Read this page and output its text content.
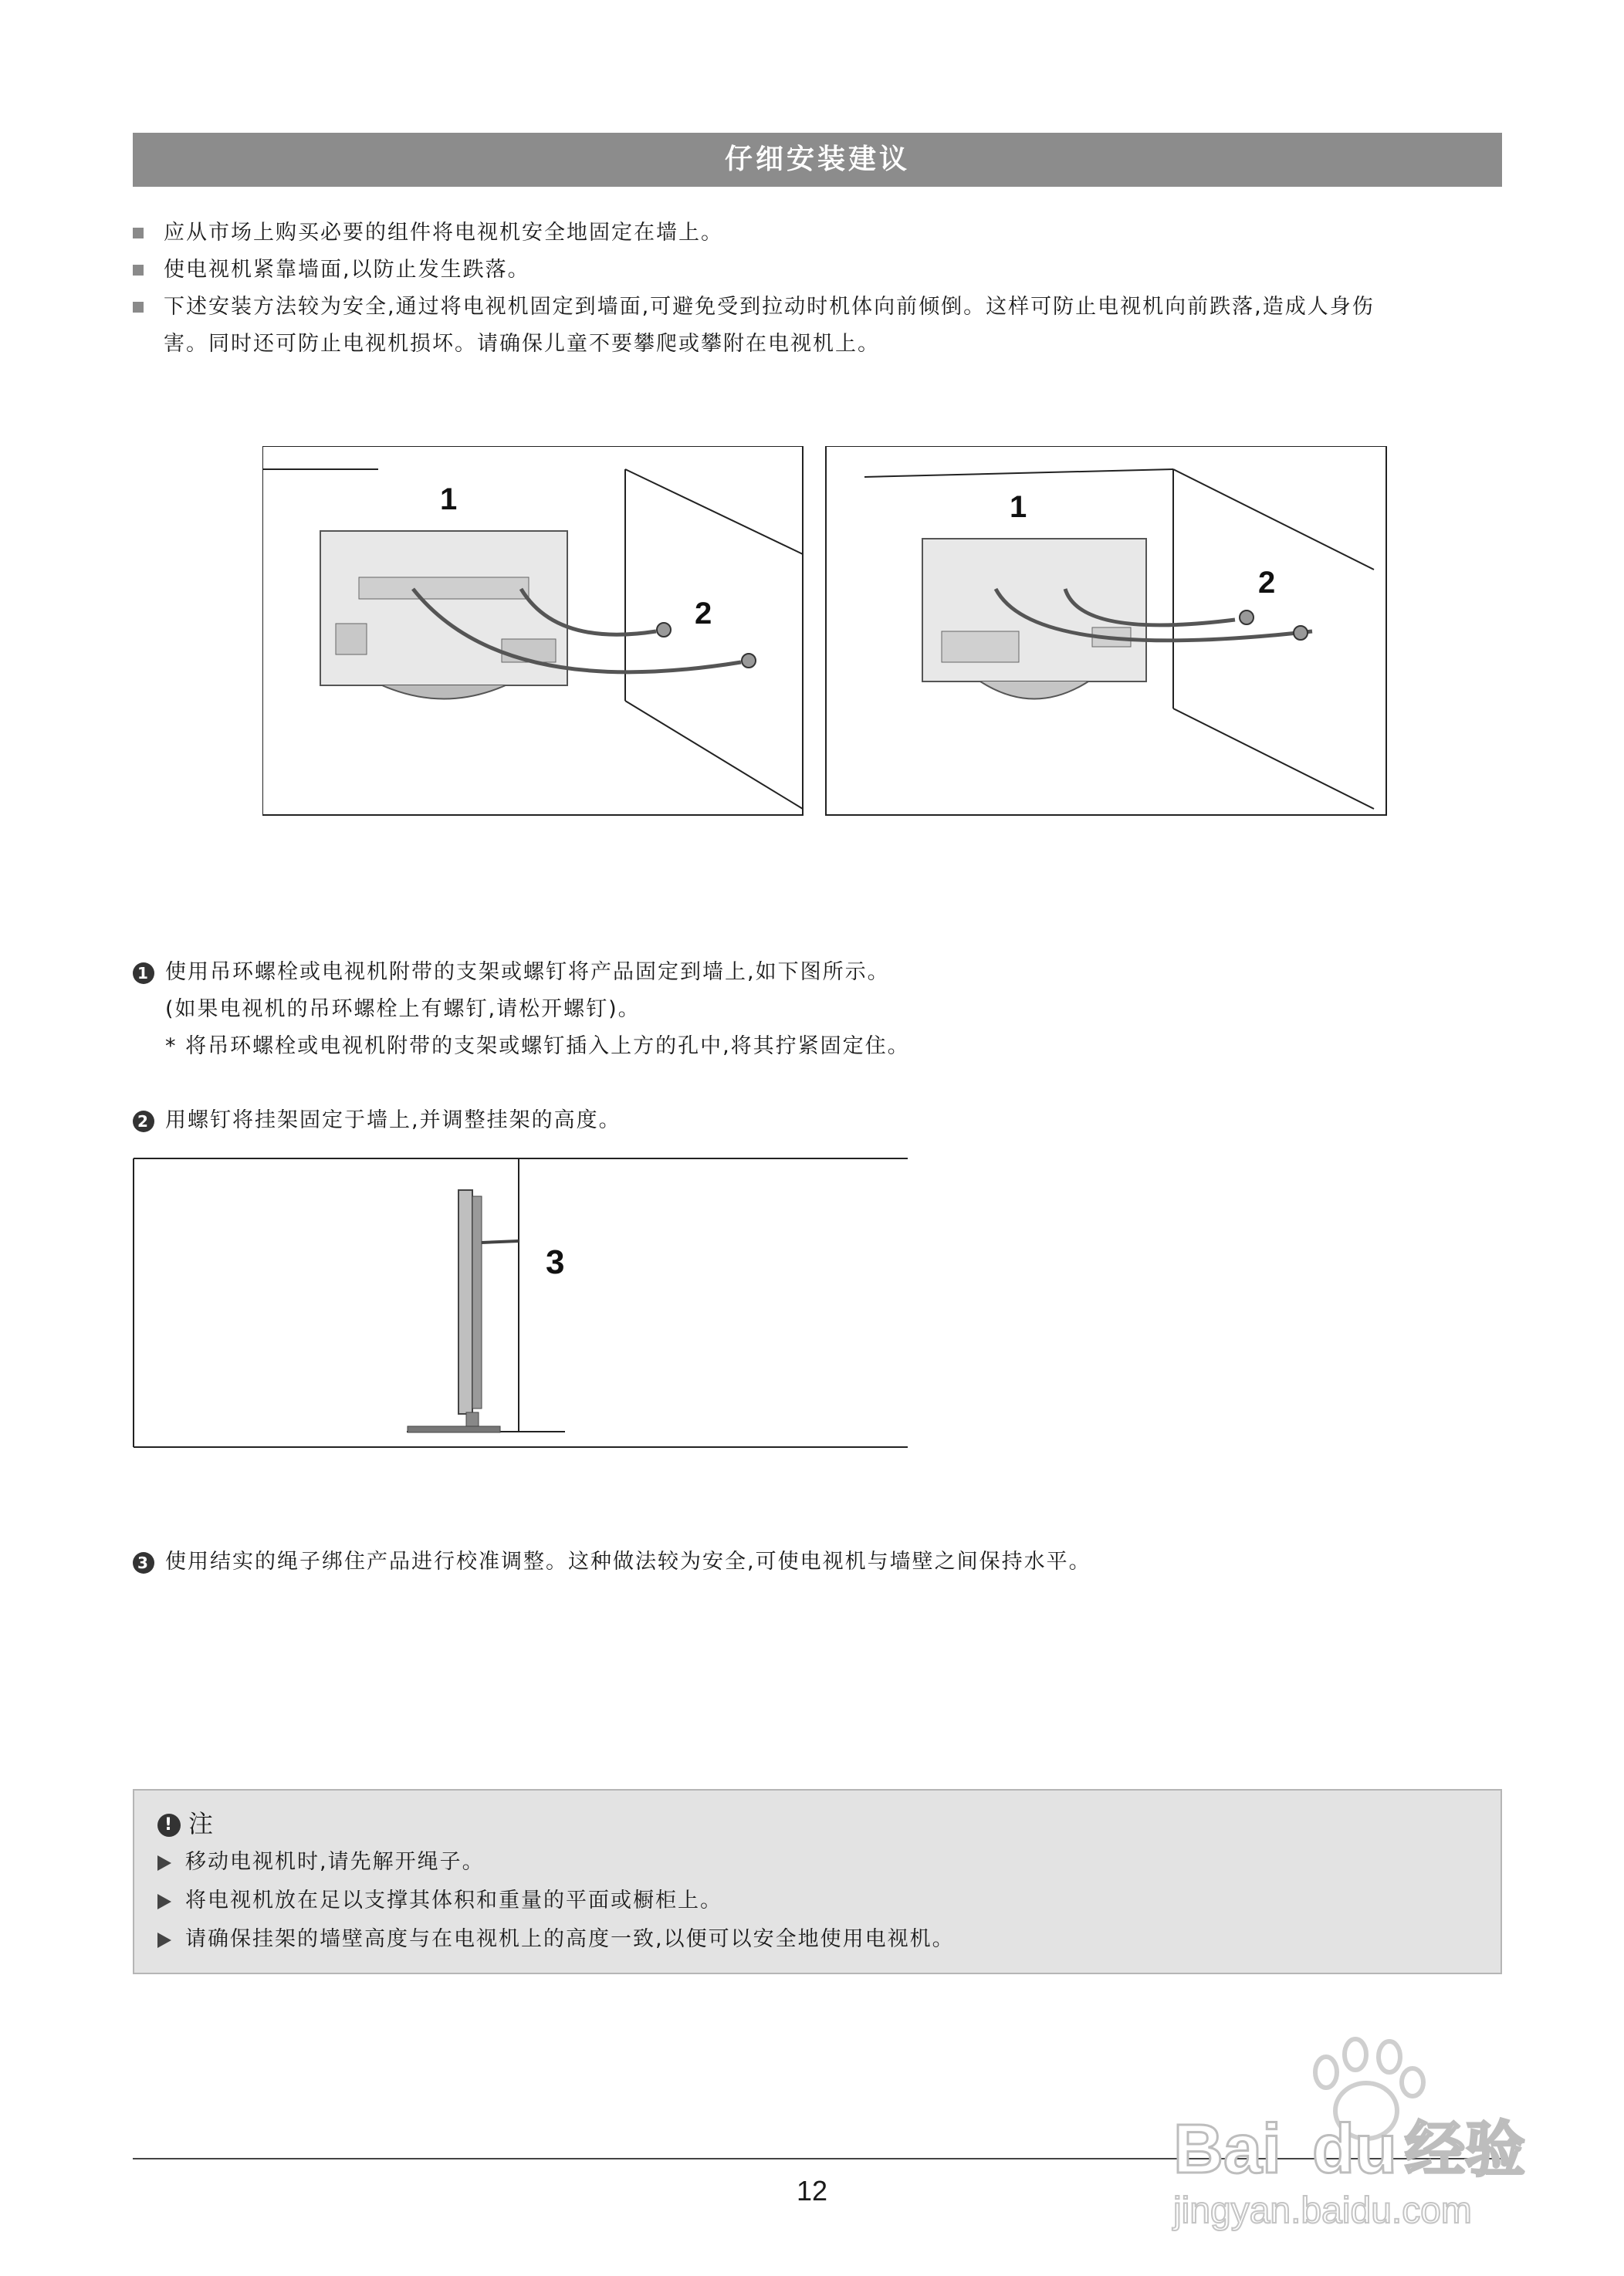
仔细安装建议
应从市场上购买必要的组件将电视机安全地固定在墙上。
使电视机紧靠墙面,以防止发生跌落。
下述安装方法较为安全,通过将电视机固定到墙面,可避免受到拉动时机体向前倾倒。这样可防止电视机向前跌落,造成人身伤
害。同时还可防止电视机损坏。请确保儿童不要攀爬或攀附在电视机上。
1
2
1
2
1 使用吊环螺栓或电视机附带的支架或螺钉将产品固定到墙上,如下图所示。
(如果电视机的吊环螺栓上有螺钉,请松开螺钉)。
* 将吊环螺栓或电视机附带的支架或螺钉插入上方的孔中,将其拧紧固定住。
2 用螺钉将挂架固定于墙上,并调整挂架的高度。
3
3 使用结实的绳子绑住产品进行校准调整。这种做法较为安全,可使电视机与墙壁之间保持水平。
! 注
移动电视机时,请先解开绳子。
将电视机放在足以支撑其体积和重量的平面或橱柜上。
请确保挂架的墙壁高度与在电视机上的高度一致,以便可以安全地使用电视机。
12
Bai du 经验
jingyan.baidu.com
